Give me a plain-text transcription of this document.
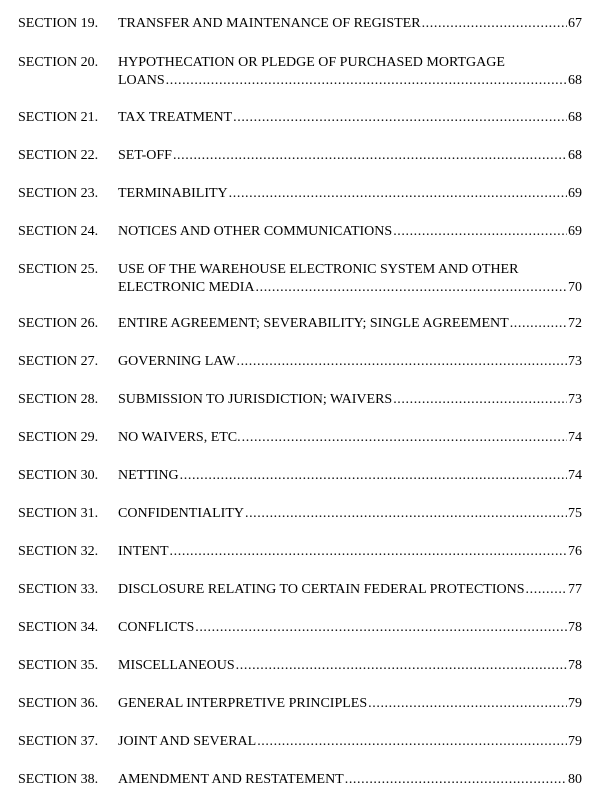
SECTION 19. TRANSFER AND MAINTENANCE OF REGISTER .....	67
SECTION 20. HYPOTHECATION OR PLEDGE OF PURCHASED MORTGAGE
LOANS .....	68
SECTION 21. TAX TREATMENT .....	68
SECTION 22. SET-OFF .....	68
SECTION 23. TERMINABILITY .....	69
SECTION 24. NOTICES AND OTHER COMMUNICATIONS .....	69
SECTION 25. USE OF THE WAREHOUSE ELECTRONIC SYSTEM AND OTHER
ELECTRONIC MEDIA .....	70
SECTION 26. ENTIRE AGREEMENT; SEVERABILITY; SINGLE AGREEMENT .....	72
SECTION 27. GOVERNING LAW .....	73
SECTION 28. SUBMISSION TO JURISDICTION; WAIVERS .....	73
SECTION 29. NO WAIVERS, ETC. .....	74
SECTION 30. NETTING .....	74
SECTION 31. CONFIDENTIALITY .....	75
SECTION 32. INTENT .....	76
SECTION 33. DISCLOSURE RELATING TO CERTAIN FEDERAL PROTECTIONS .....	77
SECTION 34. CONFLICTS .....	78
SECTION 35. MISCELLANEOUS .....	78
SECTION 36. GENERAL INTERPRETIVE PRINCIPLES .....	79
SECTION 37. JOINT AND SEVERAL .....	79
SECTION 38. AMENDMENT AND RESTATEMENT .....	80
